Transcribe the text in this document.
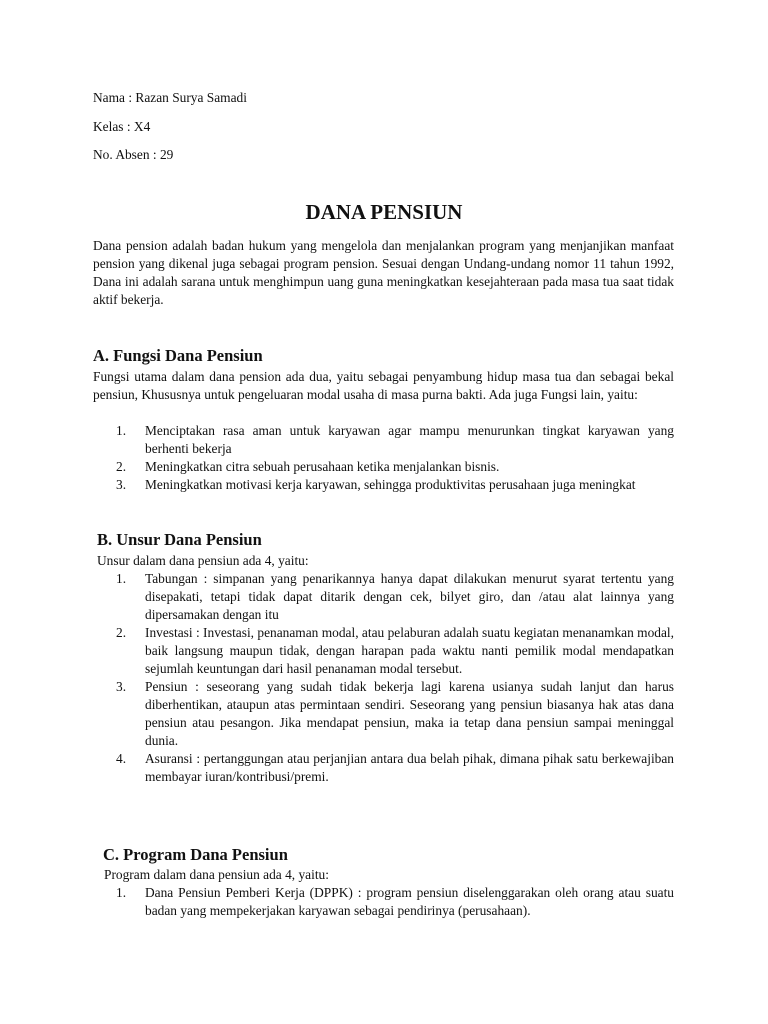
Nama : Razan Surya Samadi

Kelas : X4

No. Absen : 29

DANA PENSIUN

Dana pension adalah badan hukum yang mengelola dan menjalankan program yang menjanjikan manfaat pension yang dikenal juga sebagai program pension. Sesuai dengan Undang-undang nomor 11 tahun 1992, Dana ini adalah sarana untuk menghimpun uang guna meningkatkan kesejahteraan pada masa tua saat tidak aktif bekerja.

A. Fungsi Dana Pensiun

Fungsi utama dalam dana pension ada dua, yaitu sebagai penyambung hidup masa tua dan sebagai bekal pensiun, Khususnya untuk pengeluaran modal usaha di masa purna bakti. Ada juga Fungsi lain, yaitu:

1. Menciptakan rasa aman untuk karyawan agar mampu menurunkan tingkat karyawan yang berhenti bekerja
2. Meningkatkan citra sebuah perusahaan ketika menjalankan bisnis.
3. Meningkatkan motivasi kerja karyawan, sehingga produktivitas perusahaan juga meningkat
B. Unsur Dana Pensiun

Unsur dalam dana pensiun ada 4, yaitu:

1. Tabungan : simpanan yang penarikannya hanya dapat dilakukan menurut syarat tertentu yang disepakati, tetapi tidak dapat ditarik dengan cek, bilyet giro, dan /atau alat lainnya yang dipersamakan dengan itu
2. Investasi : Investasi, penanaman modal, atau pelaburan adalah suatu kegiatan menanamkan modal, baik langsung maupun tidak, dengan harapan pada waktu nanti pemilik modal mendapatkan sejumlah keuntungan dari hasil penanaman modal tersebut.
3. Pensiun : seseorang yang sudah tidak bekerja lagi karena usianya sudah lanjut dan harus diberhentikan, ataupun atas permintaan sendiri. Seseorang yang pensiun biasanya hak atas dana pensiun atau pesangon. Jika mendapat pensiun, maka ia tetap dana pensiun sampai meninggal dunia.
4. Asuransi : pertanggungan atau perjanjian antara dua belah pihak, dimana pihak satu berkewajiban membayar iuran/kontribusi/premi.
C. Program Dana Pensiun

Program dalam dana pensiun ada 4, yaitu:

1. Dana Pensiun Pemberi Kerja (DPPK) : program pensiun diselenggarakan oleh orang atau suatu badan yang mempekerjakan karyawan sebagai pendirinya (perusahaan).
